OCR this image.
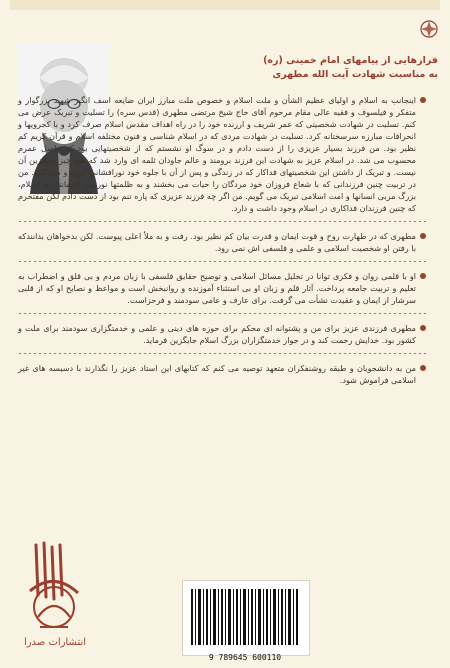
فرازهایی از پیامهای امام خمینی (ره)
به مناسبت شهادت آیت الله مطهری
اینجانب به اسلام و اولیای عظیم الشأن و ملت اسلام و خصوص ملت مبارز ایران ضایعه اسف انگیز شهید بزرگوار و متفکر و فیلسوف و فقیه عالی مقام مرحوم آقای حاج شیخ مرتضی مطهری (قدس سره) را تسلیت و تبریک عرض می کنم. تسلیت در شهادت شخصیتی که عمر شریف و ارزنده خود را در راه اهداف مقدس اسلام صرف کرد و با کجرویها و انحرافات مبارزه سرسختانه کرد. تسلیت در شهادت مردی که در اسلام شناسی و فنون مختلفه اسلام و قرآن کریم کم نظیر بود. من فرزند بسیار عزیزی را از دست دادم و در سوگ او نشستم که از شخصیتهایی بود که حاصل عمرم محسوب می شد. در اسلام عزیز به شهادت این فرزند برومند و عالم جاودان ثلمه ای وارد شد که هیچ چیز جایگزین آن نیست. و تبریک از داشتن این شخصیتهای فداکار که در زندگی و پس از آن با جلوه خود نورافشانی کرده و می کنند. من در تربیت چنین فرزندانی که با شعاع فروزان خود مردگان را حیات می بخشند و به ظلمتها نور می افشانند. به اسلام، بزرگ مربی انسانها و امت اسلامی تبریک می گویم. من اگر چه فرزند عزیزی که پاره تنم بود از دست دادم لکن مفتخرم که چنین فرزندان فداکاری در اسلام وجود داشت و دارد.
مطهری که در طهارت روح و قوت ایمان و قدرت بیان کم نظیر بود. رفت و به ملأ اعلی پیوست. لکن بدخواهان بدانندکه با رفتن او شخصیت اسلامی و علمی و فلسفی اش نمی رود.
او با قلمی روان و فکری توانا در تحلیل مسائل اسلامی و توضیح حقایق فلسفی با زبان مردم و بی قلق و اضطراب به تعلیم و تربیت جامعه پرداخت. آثار قلم و زبان او بی استثناء آموزنده و روانبخش است و مواعظ و نصایح او که از قلبی سرشار از ایمان و عقیدت نشأت می گرفت. برای عارف و عامی سودمند و فرحزاست.
مطهری فرزندی عزیز برای من و پشتوانه ای محکم برای حوزه های دینی و علمی و خدمتگزاری سودمند برای ملت و کشور بود. خدایش رحمت کند و در جوار خدمتگزاران بزرگ اسلام جایگزین فرماید.
من به دانشجویان و طبقه روشنفکران متعهد توصیه می کنم که کتابهای این استاد عزیز را نگذارند با دسیسه های غیر اسلامی فراموش شود.
انتشارات صدرا
9 789645 600110
